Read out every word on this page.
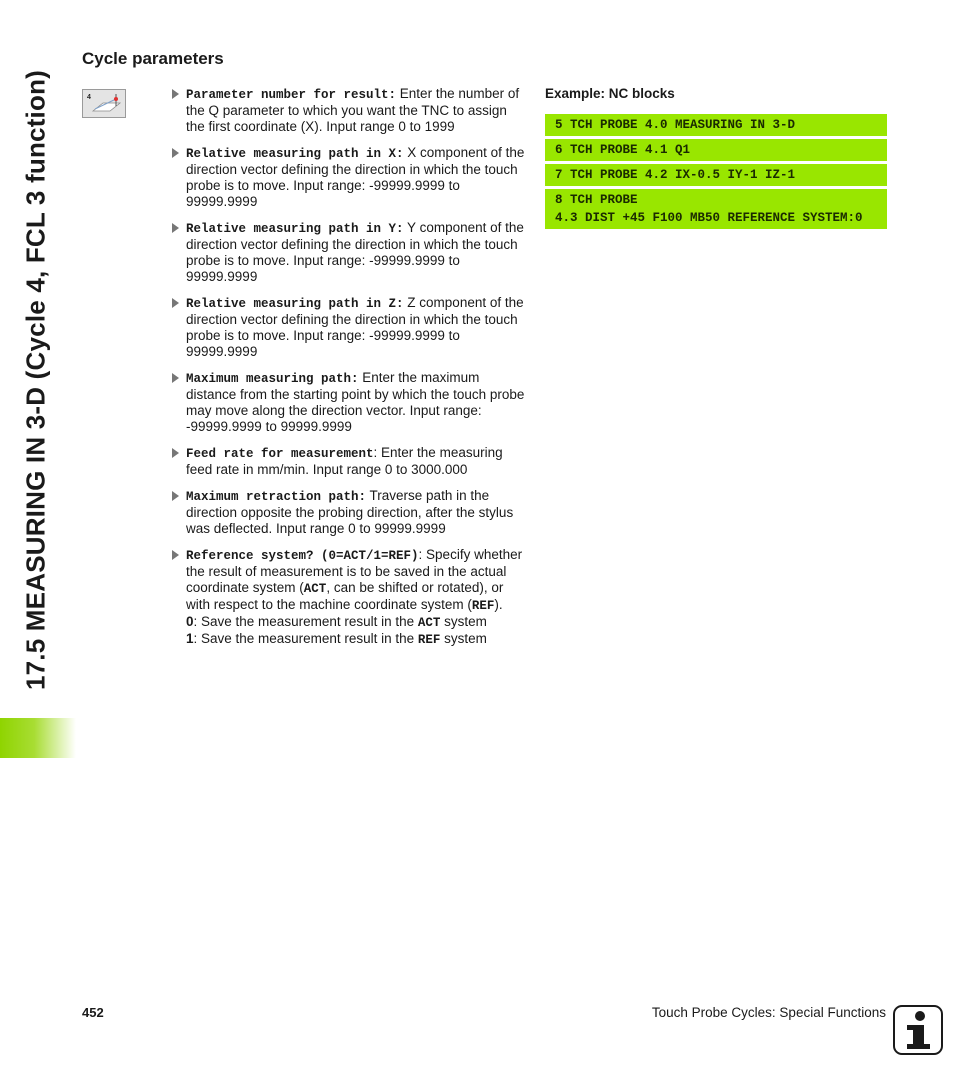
17.5 MEASURING IN 3-D (Cycle 4, FCL 3 function)
Cycle parameters
4	Parameter number for result: Enter the number of the Q parameter to which you want the TNC to assign the first coordinate (X). Input range 0 to 1999
Relative measuring path in X: X component of the direction vector defining the direction in which the touch probe is to move. Input range: -99999.9999 to 99999.9999
Relative measuring path in Y: Y component of the direction vector defining the direction in which the touch probe is to move. Input range: -99999.9999 to 99999.9999
Relative measuring path in Z: Z component of the direction vector defining the direction in which the touch probe is to move. Input range: -99999.9999 to 99999.9999
Maximum measuring path: Enter the maximum distance from the starting point by which the touch probe may move along the direction vector. Input range: -99999.9999 to 99999.9999
Feed rate for measurement: Enter the measuring feed rate in mm/min. Input range 0 to 3000.000
Maximum retraction path: Traverse path in the direction opposite the probing direction, after the stylus was deflected. Input range 0 to 99999.9999
Reference system? (0=ACT/1=REF): Specify whether the result of measurement is to be saved in the actual coordinate system (ACT, can be shifted or rotated), or with respect to the machine coordinate system (REF).
0: Save the measurement result in the ACT system
1: Save the measurement result in the REF system
Example: NC blocks
5 TCH PROBE 4.0 MEASURING IN 3-D
6 TCH PROBE 4.1 Q1
7 TCH PROBE 4.2 IX-0.5 IY-1 IZ-1
8 TCH PROBE
4.3 DIST +45 F100 MB50 REFERENCE SYSTEM:0
452	Touch Probe Cycles: Special Functions
